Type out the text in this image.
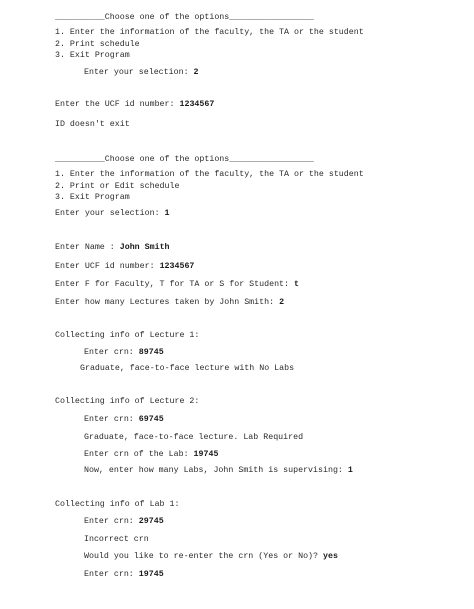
__________Choose one of the options_________________

1. Enter the information of the faculty, the TA or the student

2. Print schedule

3. Exit Program

Enter your selection: 2

Enter the UCF id number: 1234567

ID doesn't exit

__________Choose one of the options_________________

1. Enter the information of the faculty, the TA or the student

2. Print or Edit schedule

3. Exit Program

Enter your selection: 1

Enter Name : John Smith

Enter UCF id number: 1234567

Enter F for Faculty, T for TA or S for Student: t

Enter how many Lectures taken by John Smith: 2

Collecting info of Lecture 1:

Enter crn: 89745

Graduate, face-to-face lecture with No Labs

Collecting info of Lecture 2:

Enter crn: 69745

Graduate, face-to-face lecture. Lab Required

Enter crn of the Lab: 19745

Now, enter how many Labs, John Smith is supervising: 1

Collecting info of Lab 1:

Enter crn: 29745

Incorrect crn

Would you like to re-enter the crn (Yes or No)? yes

Enter crn: 19745
